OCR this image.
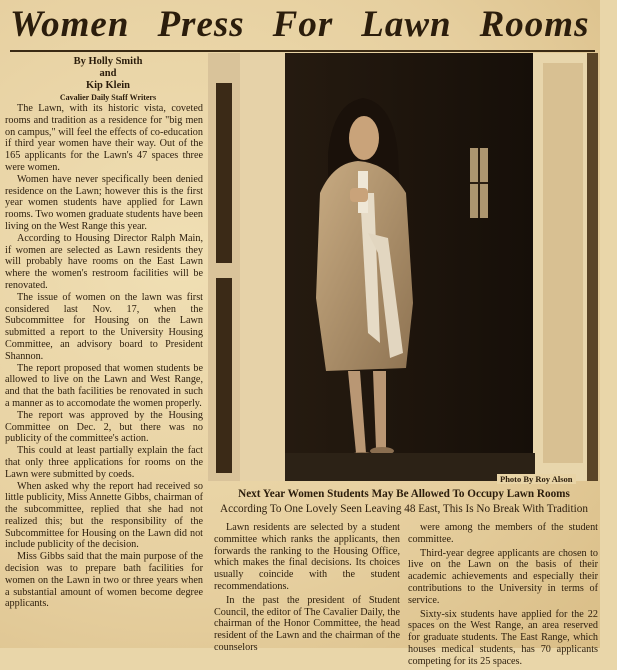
Women Press For Lawn Rooms
By Holly Smith
and
Kip Klein
Cavalier Daily Staff Writers

The Lawn, with its historic vista, coveted rooms and tradition as a residence for "big men on campus," will feel the effects of co-education if third year women have their way. Out of the 165 applicants for the Lawn's 47 spaces three were women.

Women have never specifically been denied residence on the Lawn; however this is the first year women students have applied for Lawn rooms. Two women graduate students have been living on the West Range this year.

According to Housing Director Ralph Main, if women are selected as Lawn residents they will probably have rooms on the East Lawn where the women's restroom facilities will be renovated.

The issue of women on the lawn was first considered last Nov. 17, when the Subcommittee for Housing on the Lawn submitted a report to the University Housing Committee, an advisory board to President Shannon.

The report proposed that women students be allowed to live on the Lawn and West Range, and that the bath facilities be renovated in such a manner as to accomodate the women properly.

The report was approved by the Housing Committee on Dec. 2, but there was no publicity of the committee's action.

This could at least partially explain the fact that only three applications for rooms on the Lawn were submitted by coeds.

When asked why the report had received so little publicity, Miss Annette Gibbs, chairman of the subcommittee, replied that she had not realized this; but the responsibility of the Subcommittee for Housing on the Lawn did not include publicity of the decision.

Miss Gibbs said that the main purpose of the decision was to prepare bath facilities for women on the Lawn in two or three years when a substantial amount of women become degree applicants.

Photo By Roy Alson
Next Year Women Students May Be Allowed To Occupy Lawn Rooms
According To One Lovely Seen Leaving 48 East, This Is No Break With Tradition

Lawn residents are selected by a student committee which ranks the applicants, then forwards the ranking to the Housing Office, which makes the final decisions. Its choices usually coincide with the student recommendations.

In the past the president of Student Council, the editor of The Cavalier Daily, the chairman of the Honor Committee, the head resident of the Lawn and the chairman of the counselors

were among the members of the student committee.

Third-year degree applicants are chosen to live on the Lawn on the basis of their academic achievements and especially their contributions to the University in terms of service.

Sixty-six students have applied for the 22 spaces on the West Range, an area reserved for graduate students. The East Range, which houses medical students, has 70 applicants competing for its 25 spaces.
